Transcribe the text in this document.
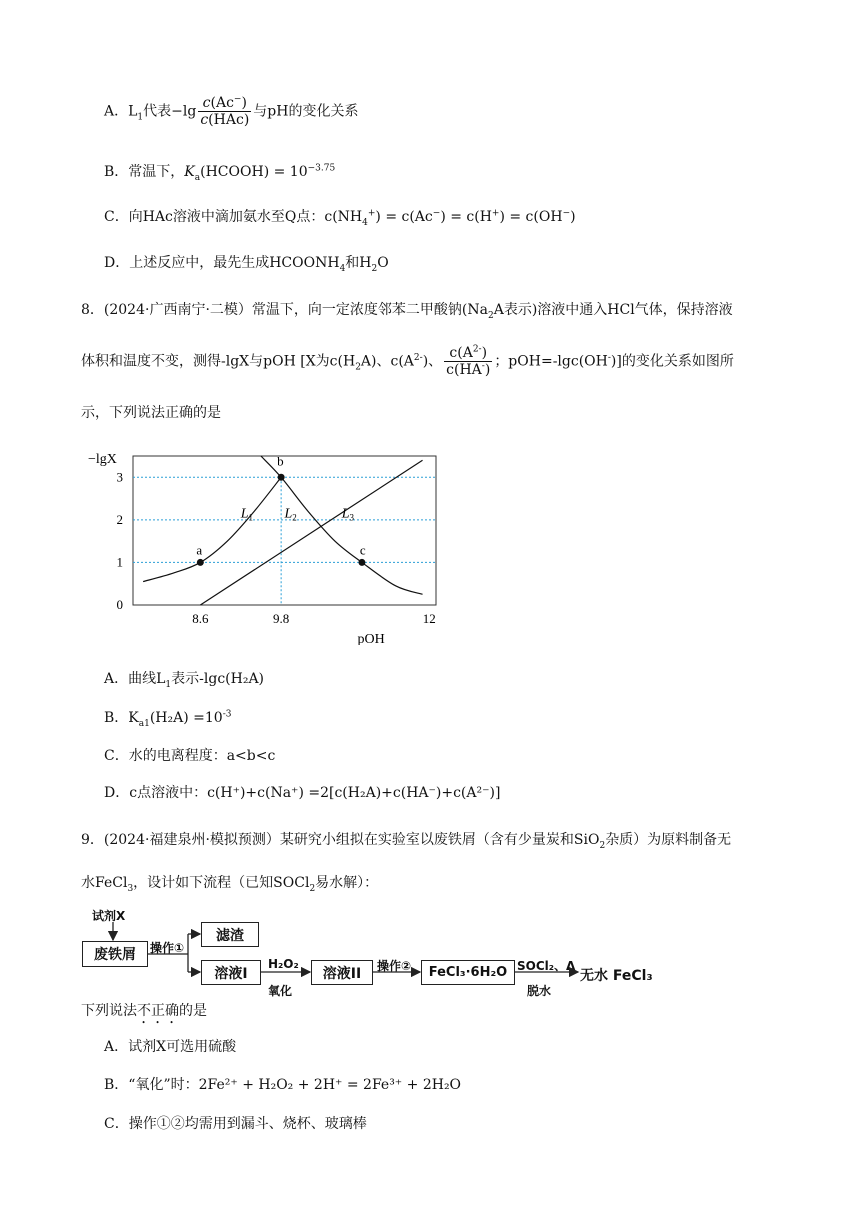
A．$L_1$代表$-\lg \frac{c(Ac^-)}{\text{c(HAc)}}$ 与pH的变化关系
B．常温下，$K_a(HCOOH) = 10^{-3.75}$
C．向HAc溶液中滴加氨水至Q点：$c(NH_4^+) = c(Ac^-) = c(H^+) = c(OH^-)$
D．上述反应中，最先生成$HCOONH_4$和$H_2O$
8．(2024·广西南宁·二模）常温下，向一定浓度邻苯二甲酸钠($Na_2A$表示)溶液中通入HCl气体，保持溶液
体积和温度不变，测得-lgX与pOH [X为$c(H_2A)$、$c(A^{2-})$、 $\frac{c(A^{2-})}{c(HA^-)}$ ；pOH=-lgc(OH-)]的变化关系如图所
示，下列说法正确的是
0
1
2
3
8.6	9.8	12
−lgX
pOH
$L_1$ $L_2$	$L_3$
a
b
c
A．曲线$L_1$表示-lgc(H₂A)
B．$K_{a1}(H_2A) =10^{-3}$
C．水的电离程度：a<b<c
D．c点溶液中：c(H⁺)+c(Na⁺) =2[c(H₂A)+c(HA⁻)+c(A²⁻)]
9．(2024·福建泉州·模拟预测）某研究小组拟在实验室以废铁屑（含有少量炭和SiO$_2$杂质）为原料制备无
水FeCl$_3$，设计如下流程（已知SOCl$_2$易水解）：
试剂X
废铁屑	操作①
滤渣
溶液I
H₂O₂
氧化
溶液II	操作②	FeCl₃·6H₂O SOCl₂、Δ
脱水
无水 FeCl₃
下列说法不正确的是
A．试剂X可选用硫酸
B．“氧化”时：2Fe²⁺ + H₂O₂ + 2H⁺ = 2Fe³⁺ + 2H₂O
C．操作①②均需用到漏斗、烧杯、玻璃棒
